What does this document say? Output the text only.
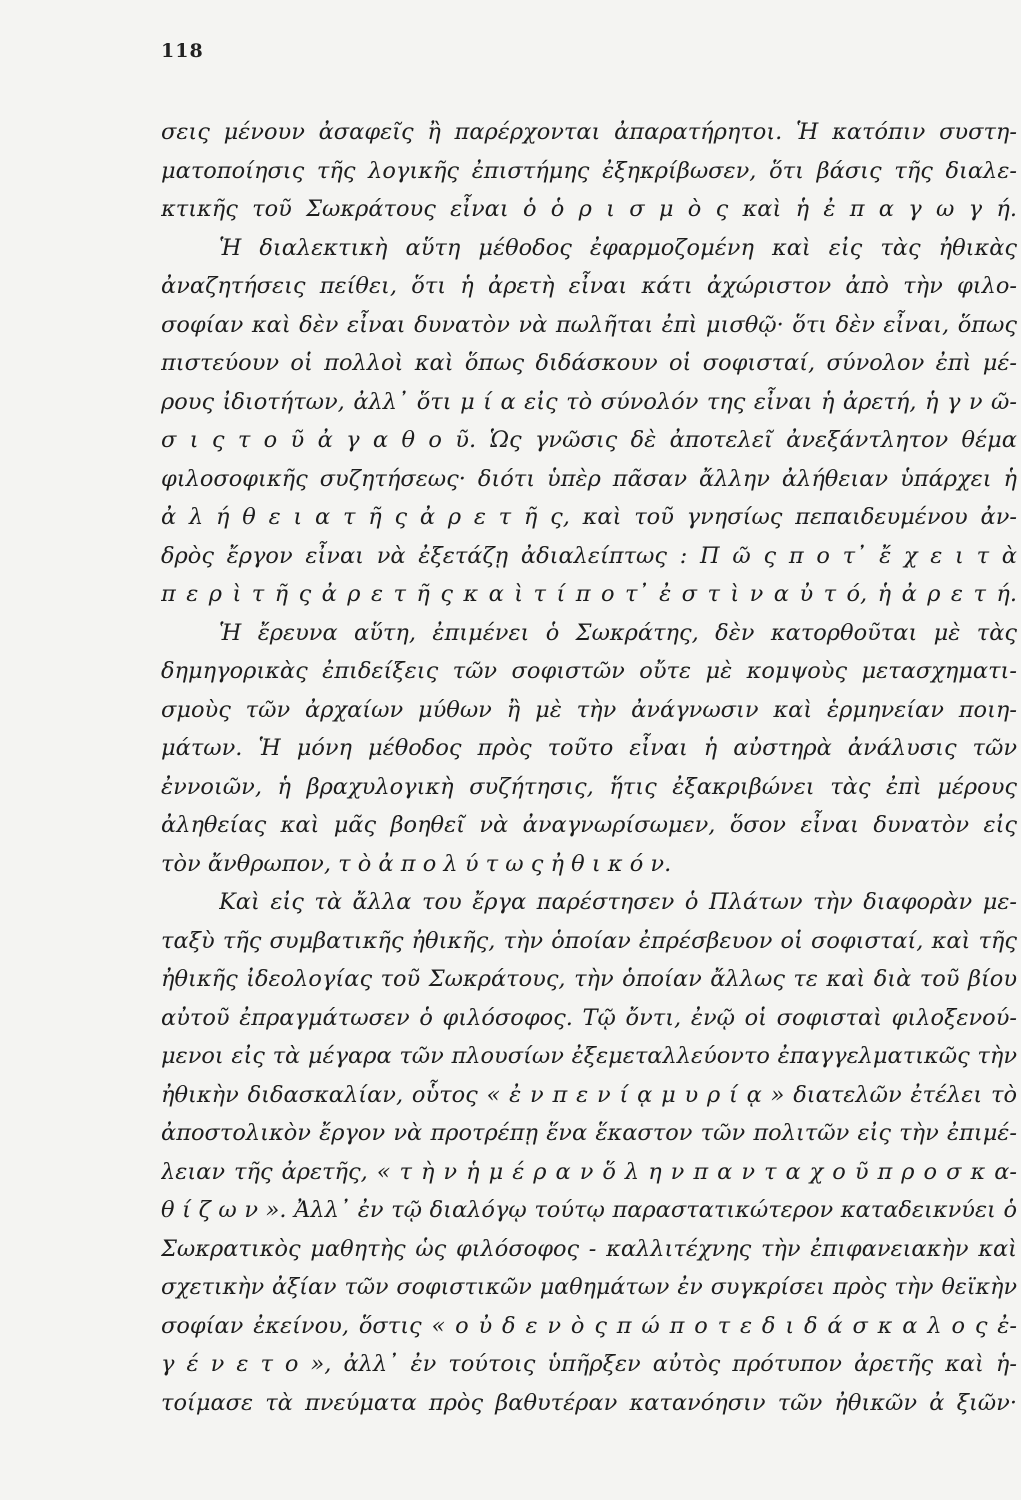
118
σεις μένουν ἀσαφεῖς ἢ παρέρχονται ἀπαρατήρητοι. Ἡ κατόπιν συστη-
ματοποίησις τῆς λογικῆς ἐπιστήμης ἐξηκρίβωσεν, ὅτι βάσις τῆς διαλε-
κτικῆς τοῦ Σωκράτους εἶναι ὁ ὁ ρ ι σ μ ὸ ς καὶ ἡ ἐ π α γ ω γ ή.
Ἡ διαλεκτικὴ αὕτη μέθοδος ἐφαρμοζομένη καὶ εἰς τὰς ἠθικὰς
ἀναζητήσεις πείθει, ὅτι ἡ ἀρετὴ εἶναι κάτι ἀχώριστον ἀπὸ τὴν φιλο-
σοφίαν καὶ δὲν εἶναι δυνατὸν νὰ πωλῆται ἐπὶ μισθῷ· ὅτι δὲν εἶναι, ὅπως
πιστεύουν οἱ πολλοὶ καὶ ὅπως διδάσκουν οἱ σοφισταί, σύνολον ἐπὶ μέ-
ρους ἰδιοτήτων, ἀλλ᾿ ὅτι μ ί α εἰς τὸ σύνολόν της εἶναι ἡ ἀρετή, ἡ γ ν ῶ-
σ ι ς τ ο ῦ ἀ γ α θ ο ῦ. Ὡς γνῶσις δὲ ἀποτελεῖ ἀνεξάντλητον θέμα
φιλοσοφικῆς συζητήσεως· διότι ὑπὲρ πᾶσαν ἄλλην ἀλήθειαν ὑπάρχει ἡ
ἀ λ ή θ ε ι α τ ῆ ς ἀ ρ ε τ ῆ ς, καὶ τοῦ γνησίως πεπαιδευμένου ἀν-
δρὸς ἔργον εἶναι νὰ ἐξετάζῃ ἀδιαλείπτως : Π ῶ ς π ο τ᾿ ἔ χ ε ι τ ὰ
π ε ρ ὶ τ ῆ ς ἀ ρ ε τ ῆ ς κ α ὶ τ ί π ο τ᾿ ἐ σ τ ὶ ν α ὐ τ ό, ἡ ἀ ρ ε τ ή.
Ἡ ἔρευνα αὕτη, ἐπιμένει ὁ Σωκράτης, δὲν κατορθοῦται μὲ τὰς
δημηγορικὰς ἐπιδείξεις τῶν σοφιστῶν οὔτε μὲ κομψοὺς μετασχηματι-
σμοὺς τῶν ἀρχαίων μύθων ἢ μὲ τὴν ἀνάγνωσιν καὶ ἑρμηνείαν ποιη-
μάτων. Ἡ μόνη μέθοδος πρὸς τοῦτο εἶναι ἡ αὐστηρὰ ἀνάλυσις τῶν
ἐννοιῶν, ἡ βραχυλογικὴ συζήτησις, ἥτις ἐξακριβώνει τὰς ἐπὶ μέρους
ἀληθείας καὶ μᾶς βοηθεῖ νὰ ἀναγνωρίσωμεν, ὅσον εἶναι δυνατὸν εἰς
τὸν ἄνθρωπον, τ ὸ ἀ π ο λ ύ τ ω ς ἠ θ ι κ ό ν.
Καὶ εἰς τὰ ἄλλα του ἔργα παρέστησεν ὁ Πλάτων τὴν διαφορὰν με-
ταξὺ τῆς συμβατικῆς ἠθικῆς, τὴν ὁποίαν ἐπρέσβευον οἱ σοφισταί, καὶ τῆς
ἠθικῆς ἰδεολογίας τοῦ Σωκράτους, τὴν ὁποίαν ἄλλως τε καὶ διὰ τοῦ βίου
αὐτοῦ ἐπραγμάτωσεν ὁ φιλόσοφος. Τῷ ὄντι, ἐνῷ οἱ σοφισταὶ φιλοξενού-
μενοι εἰς τὰ μέγαρα τῶν πλουσίων ἐξεμεταλλεύοντο ἐπαγγελματικῶς τὴν
ἠθικὴν διδασκαλίαν, οὗτος « ἐ ν π ε ν ί ᾳ μ υ ρ ί ᾳ » διατελῶν ἐτέλει τὸ
ἀποστολικὸν ἔργον νὰ προτρέπῃ ἕνα ἕκαστον τῶν πολιτῶν εἰς τὴν ἐπιμέ-
λειαν τῆς ἀρετῆς, « τ ὴ ν ἡ μ έ ρ α ν ὅ λ η ν π α ν τ α χ ο ῦ π ρ ο σ κ α-
θ ί ζ ω ν ». Ἀλλ᾿ ἐν τῷ διαλόγῳ τούτῳ παραστατικώτερον καταδεικνύει ὁ
Σωκρατικὸς μαθητὴς ὡς φιλόσοφος - καλλιτέχνης τὴν ἐπιφανειακὴν καὶ
σχετικὴν ἀξίαν τῶν σοφιστικῶν μαθημάτων ἐν συγκρίσει πρὸς τὴν θεϊκὴν
σοφίαν ἐκείνου, ὅστις « ο ὐ δ ε ν ὸ ς π ώ π ο τ ε δ ι δ ά σ κ α λ ο ς ἐ-
γ έ ν ε τ ο », ἀλλ᾿ ἐν τούτοις ὑπῆρξεν αὐτὸς πρότυπον ἀρετῆς καὶ ἡ-
τοίμασε τὰ πνεύματα πρὸς βαθυτέραν κατανόησιν τῶν ἠθικῶν ἀ ξιῶν·
